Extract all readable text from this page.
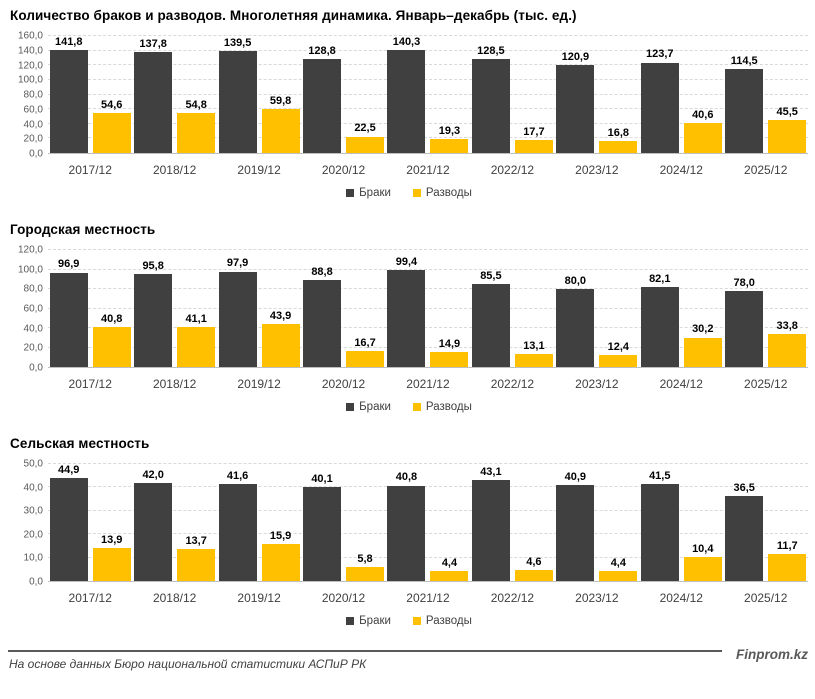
Количество браков и разводов. Многолетняя динамика. Январь–декабрь (тыс. ед.)
0,0
20,0
40,0
60,0
80,0
100,0
120,0
140,0
160,0 141,8
54,6
137,8
54,8
139,5
59,8
128,8
22,5
140,3
19,3
128,5
17,7
120,9
16,8
123,7
40,6
114,5
45,5
2017/12	2018/12	2019/12	2020/12	2021/12	2022/12	2023/12	2024/12	2025/12
Браки	Разводы
Городская местность
0,0
20,0
40,0
60,0
80,0
100,0
120,0
96,9
40,8
95,8
41,1
97,9
43,9
88,8
16,7
99,4
14,9
85,5
13,1
80,0
12,4
82,1
30,2
78,0
33,8
2017/12	2018/12	2019/12	2020/12	2021/12	2022/12	2023/12	2024/12	2025/12
Браки	Разводы
Сельская местность
0,0
10,0
20,0
30,0
40,0
50,0 44,9
13,9
42,0
13,7
41,6
15,9
40,1
5,8
40,8
4,4
43,1
4,6
40,9
4,4
41,5
10,4
36,5
11,7
2017/12	2018/12	2019/12	2020/12	2021/12	2022/12	2023/12	2024/12	2025/12
Браки	Разводы
Finprom.kz
На основе данных Бюро национальной статистики АСПиР РК
